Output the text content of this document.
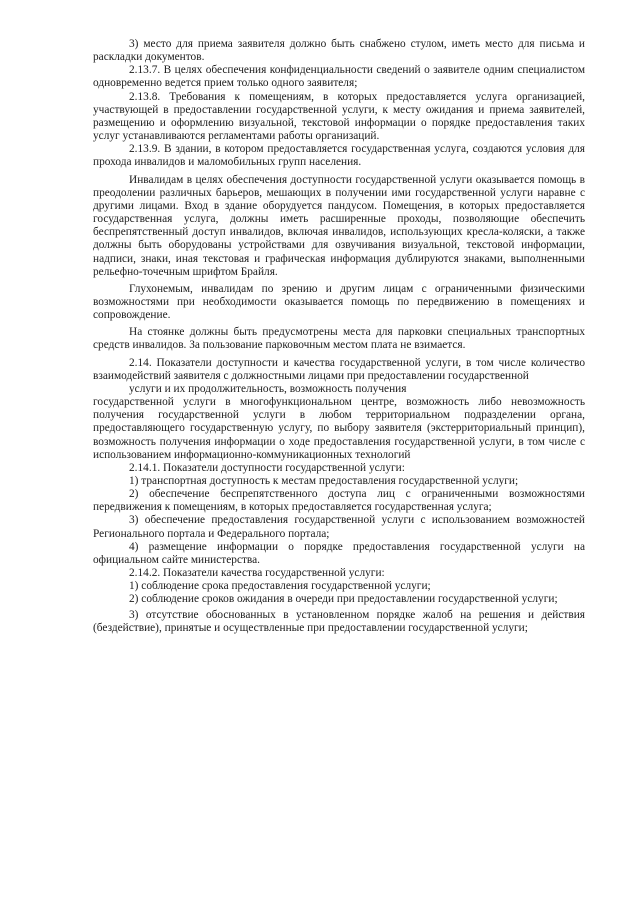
3) место для приема заявителя должно быть снабжено стулом, иметь место для письма и раскладки документов.

2.13.7. В целях обеспечения конфиденциальности сведений о заявителе одним специалистом одновременно ведется прием только одного заявителя;

2.13.8. Требования к помещениям, в которых предоставляется услуга организацией, участвующей в предоставлении государственной услуги, к месту ожидания и приема заявителей, размещению и оформлению визуальной, текстовой информации о порядке предоставления таких услуг устанавливаются регламентами работы организаций.

2.13.9. В здании, в котором предоставляется государственная услуга, создаются условия для прохода инвалидов и маломобильных групп населения.

Инвалидам в целях обеспечения доступности государственной услуги оказывается помощь в преодолении различных барьеров, мешающих в получении ими государственной услуги наравне с другими лицами. Вход в здание оборудуется пандусом. Помещения, в которых предоставляется государственная услуга, должны иметь расширенные проходы, позволяющие обеспечить беспрепятственный доступ инвалидов, включая инвалидов, использующих кресла-коляски, а также должны быть оборудованы устройствами для озвучивания визуальной, текстовой информации, надписи, знаки, иная текстовая и графическая информация дублируются знаками, выполненными рельефно-точечным шрифтом Брайля.

Глухонемым, инвалидам по зрению и другим лицам с ограниченными физическими возможностями при необходимости оказывается помощь по передвижению в помещениях и сопровождение.

На стоянке должны быть предусмотрены места для парковки специальных транспортных средств инвалидов. За пользование парковочным местом плата не взимается.

2.14. Показатели доступности и качества государственной услуги, в том числе количество взаимодействий заявителя с должностными лицами при предоставлении государственной

услуги и их продолжительность, возможность получения

государственной услуги в многофункциональном центре, возможность либо невозможность получения государственной услуги в любом территориальном подразделении органа, предоставляющего государственную услугу, по выбору заявителя (экстерриториальный принцип), возможность получения информации о ходе предоставления государственной услуги, в том числе с использованием информационно-коммуникационных технологий

2.14.1. Показатели доступности государственной услуги:

1) транспортная доступность к местам предоставления государственной услуги;

2) обеспечение беспрепятственного доступа лиц с ограниченными возможностями передвижения к помещениям, в которых предоставляется государственная услуга;

3) обеспечение предоставления государственной услуги с использованием возможностей Регионального портала и Федерального портала;

4) размещение информации о порядке предоставления государственной услуги на официальном сайте министерства.

2.14.2. Показатели качества государственной услуги:

1) соблюдение срока предоставления государственной услуги;

2) соблюдение сроков ожидания в очереди при предоставлении государственной услуги;

3) отсутствие обоснованных в установленном порядке жалоб на решения и действия (бездействие), принятые и осуществленные при предоставлении государственной услуги;
